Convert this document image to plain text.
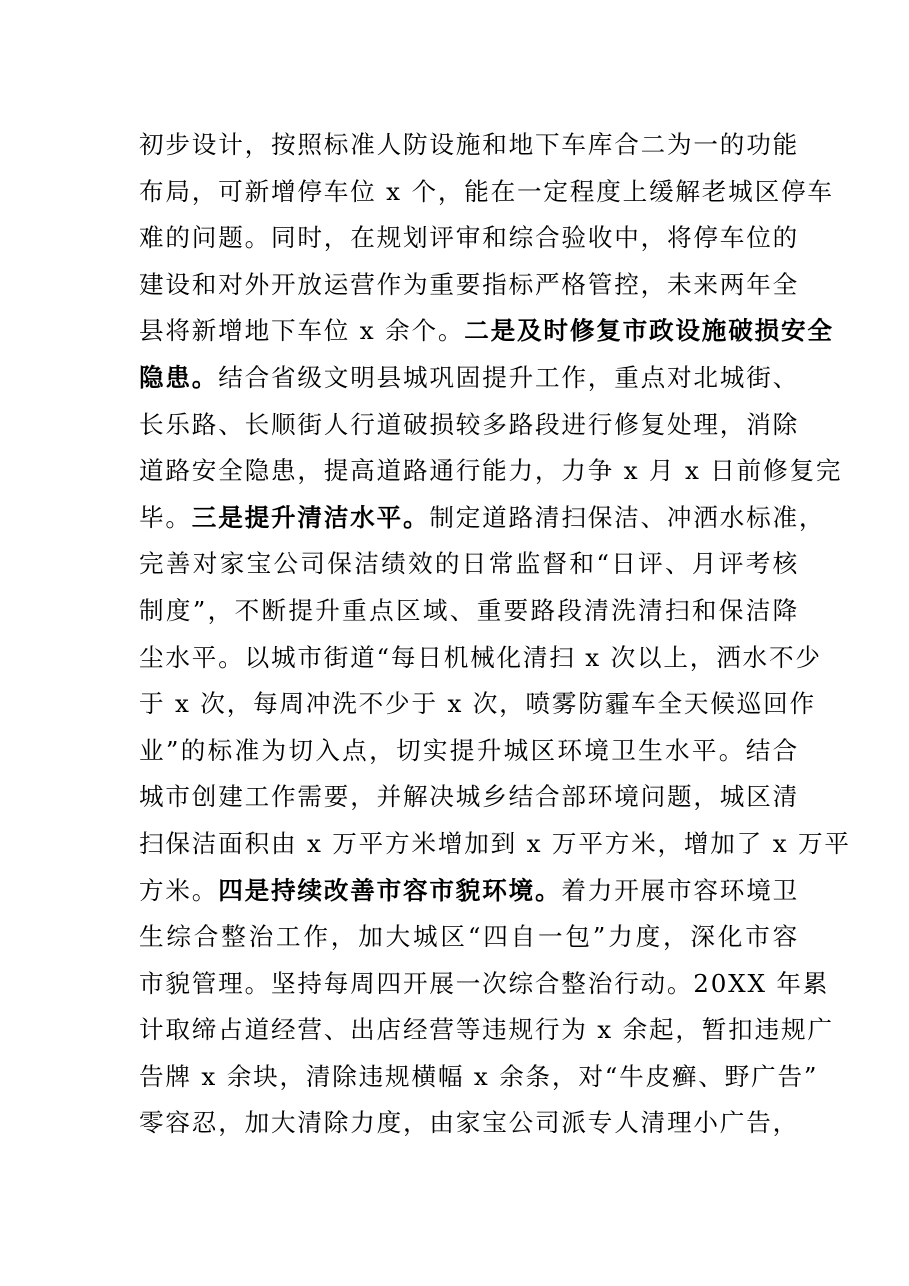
初步设计，按照标准人防设施和地下车库合二为一的功能
布局，可新增停车位 x 个，能在一定程度上缓解老城区停车
难的问题。同时，在规划评审和综合验收中，将停车位的
建设和对外开放运营作为重要指标严格管控，未来两年全
县将新增地下车位 x 余个。二是及时修复市政设施破损安全
隐患。结合省级文明县城巩固提升工作，重点对北城街、
长乐路、长顺街人行道破损较多路段进行修复处理，消除
道路安全隐患，提高道路通行能力，力争 x 月 x 日前修复完
毕。三是提升清洁水平。制定道路清扫保洁、冲洒水标准，
完善对家宝公司保洁绩效的日常监督和“日评、月评考核
制度”，不断提升重点区域、重要路段清洗清扫和保洁降
尘水平。以城市街道“每日机械化清扫 x 次以上，洒水不少
于 x 次，每周冲洗不少于 x 次，喷雾防霾车全天候巡回作
业”的标准为切入点，切实提升城区环境卫生水平。结合
城市创建工作需要，并解决城乡结合部环境问题，城区清
扫保洁面积由 x 万平方米增加到 x 万平方米，增加了 x 万平
方米。四是持续改善市容市貌环境。着力开展市容环境卫
生综合整治工作，加大城区“四自一包”力度，深化市容
市貌管理。坚持每周四开展一次综合整治行动。20XX 年累
计取缔占道经营、出店经营等违规行为 x 余起，暂扣违规广
告牌 x 余块，清除违规横幅 x 余条，对“牛皮癣、野广告”
零容忍，加大清除力度，由家宝公司派专人清理小广告，
